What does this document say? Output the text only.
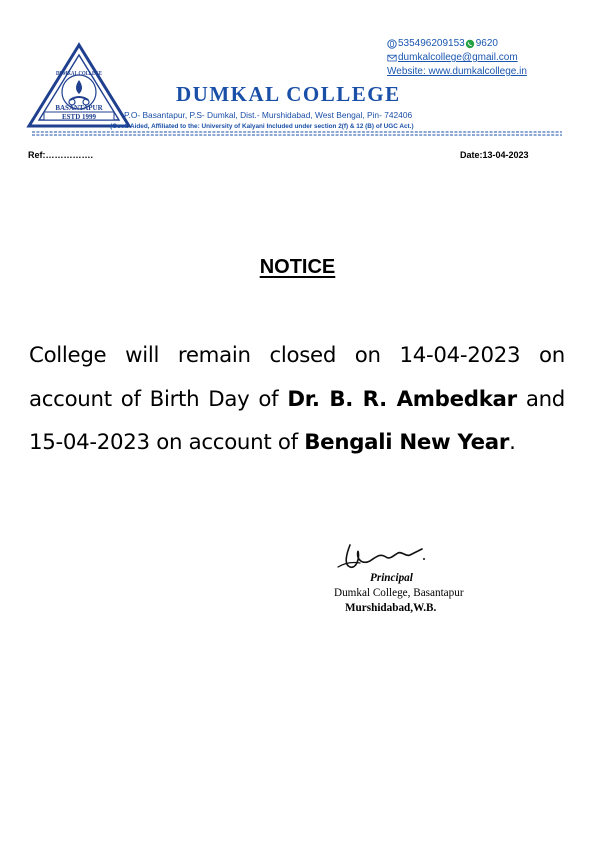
BASANTAPUR
ESTD 1999
DUMKAL COLLEGE
535496209153 9620
dumkalcollege@gmail.com
Website: www.dumkalcollege.in
DUMKAL COLLEGE
P.O- Basantapur, P.S- Dumkal, Dist.- Murshidabad, West Bengal, Pin- 742406
(Govt. Aided, Affiliated to the: University of Kalyani Included under section 2(f) & 12 (B) of UGC Act.)
Ref:…………….	Date:13-04-2023
NOTICE
College will remain closed on 14-04-2023 on account of Birth Day of Dr. B. R. Ambedkar and 15-04-2023 on account of Bengali New Year.
Principal
Dumkal College, Basantapur
Murshidabad,W.B.
